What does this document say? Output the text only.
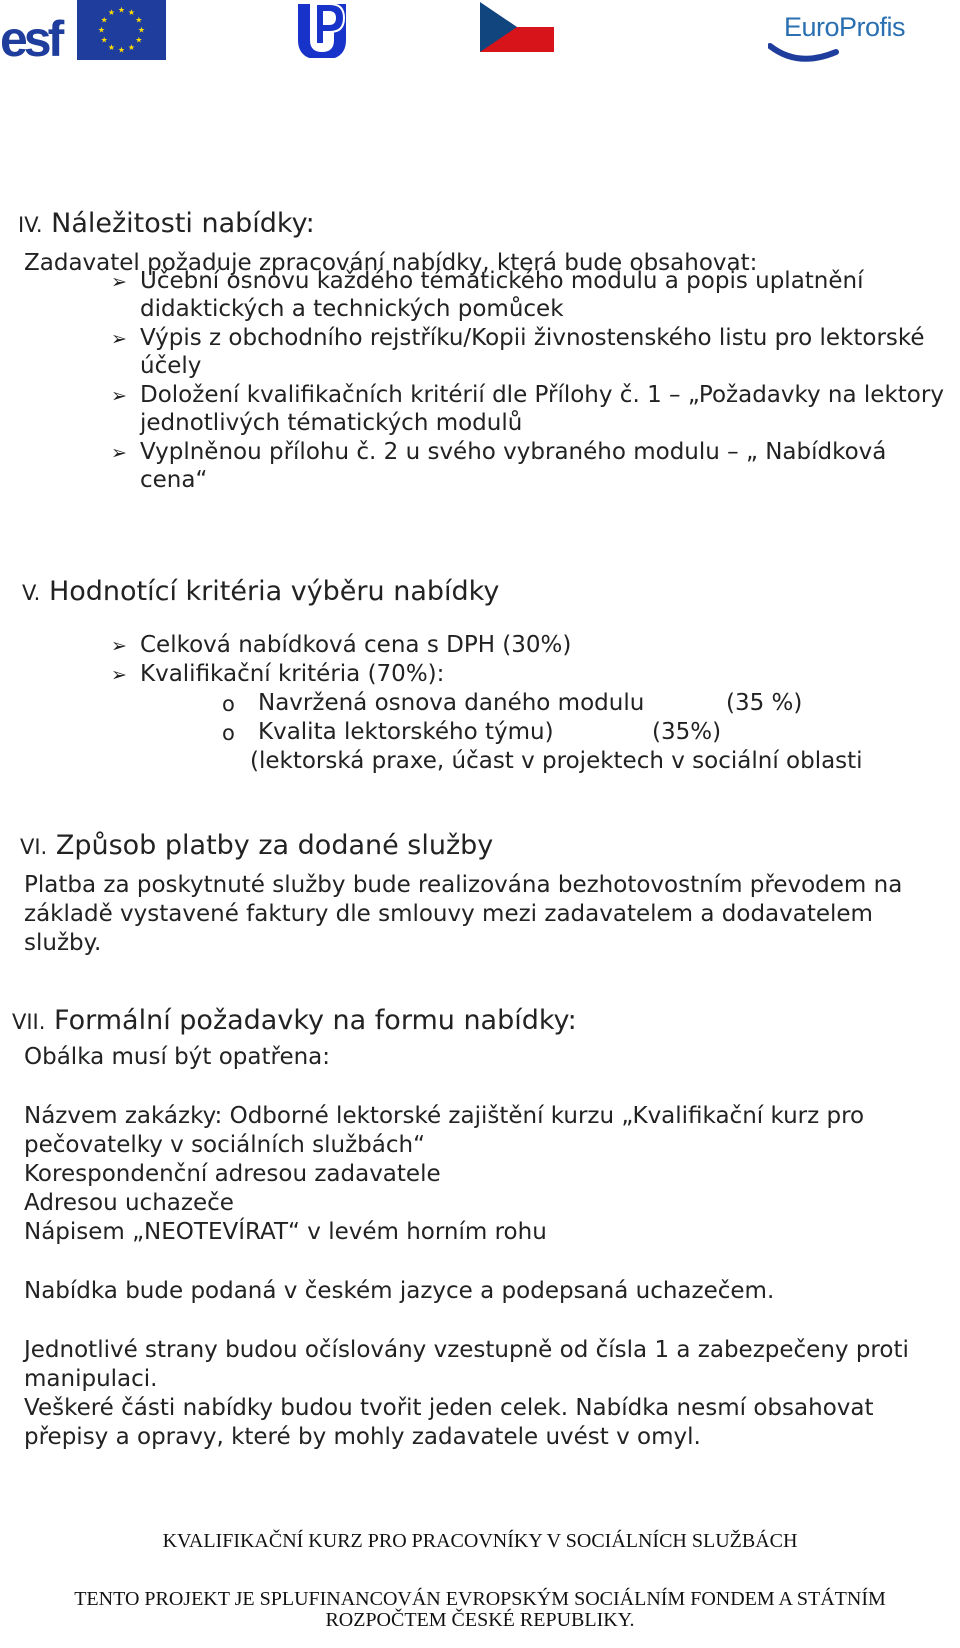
esf	★
★
★
★
★
★
★
★
★ ★ ★
★	EuroProfis
IV. Náležitosti nabídky:
Zadavatel požaduje zpracování nabídky, která bude obsahovat:
➢ Učební osnovu každého tématického modulu a popis uplatnění
didaktických a technických pomůcek
➢ Výpis z obchodního rejstříku/Kopii živnostenského listu pro lektorské
účely
➢ Doložení kvalifikačních kritérií dle Přílohy č. 1 – „Požadavky na lektory
jednotlivých tématických modulů
➢ Vyplněnou přílohu č. 2 u svého vybraného modulu – „ Nabídková
cena“
V. Hodnotící kritéria výběru nabídky
➢ Celková nabídková cena s DPH (30%)
➢ Kvalifikační kritéria (70%):
o Navržená osnova daného modulu	(35 %)
o Kvalita lektorského týmu)	(35%)
(lektorská praxe, účast v projektech v sociální oblasti
VI. Způsob platby za dodané služby
Platba za poskytnuté služby bude realizována bezhotovostním převodem na
základě vystavené faktury dle smlouvy mezi zadavatelem a dodavatelem
služby.
VII. Formální požadavky na formu nabídky:
Obálka musí být opatřena:
Názvem zakázky: Odborné lektorské zajištění kurzu „Kvalifikační kurz pro
pečovatelky v sociálních službách“
Korespondenční adresou zadavatele
Adresou uchazeče
Nápisem „NEOTEVÍRAT“ v levém horním rohu
Nabídka bude podaná v českém jazyce a podepsaná uchazečem.
Jednotlivé strany budou očíslovány vzestupně od čísla 1 a zabezpečeny proti
manipulaci.
Veškeré části nabídky budou tvořit jeden celek. Nabídka nesmí obsahovat
přepisy a opravy, které by mohly zadavatele uvést v omyl.
KVALIFIKAČNÍ KURZ PRO PRACOVNÍKY V SOCIÁLNÍCH SLUŽBÁCH
TENTO PROJEKT JE SPLUFINANCOVÁN EVROPSKÝM SOCIÁLNÍM FONDEM A STÁTNÍM
ROZPOČTEM ČESKÉ REPUBLIKY.
